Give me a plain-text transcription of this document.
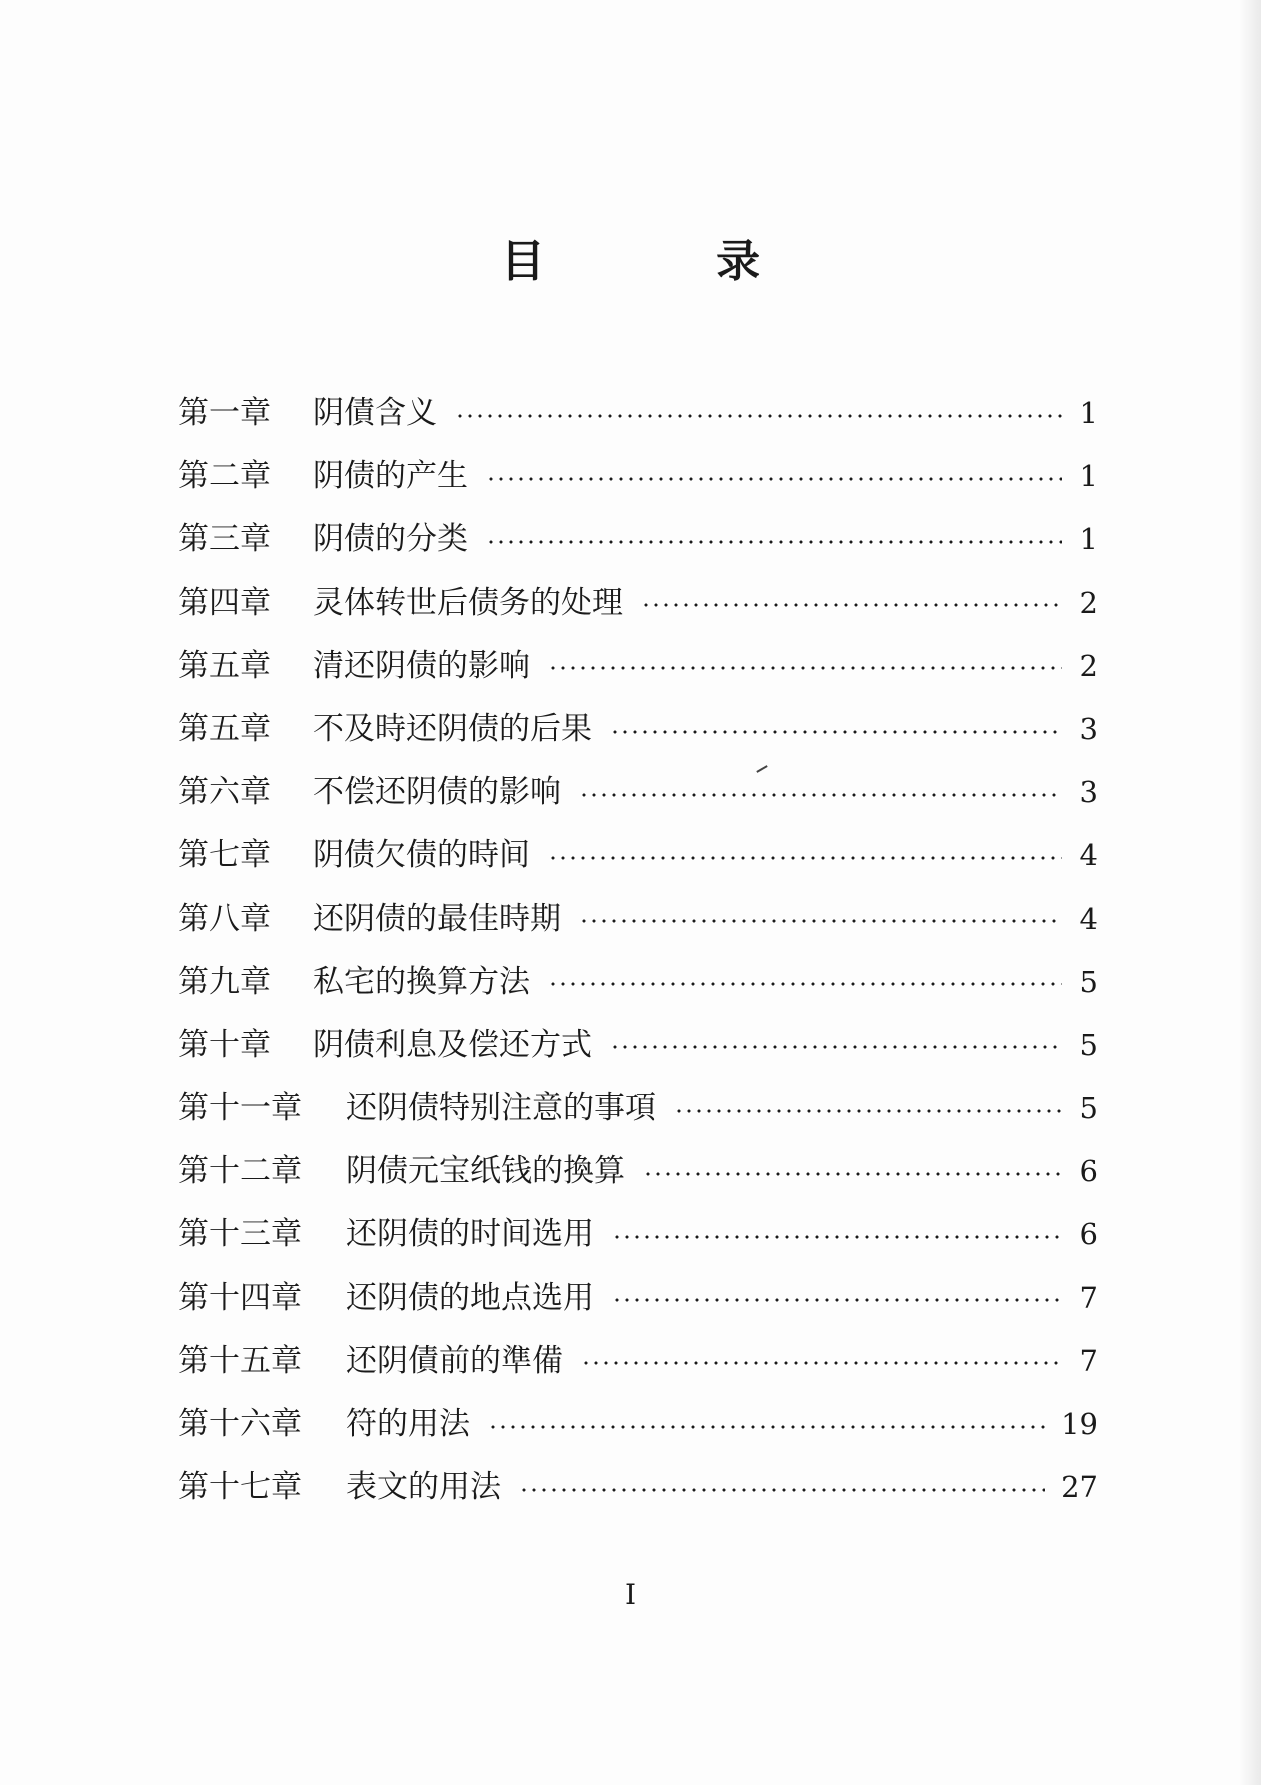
目 录
第一章	阴債含义	1
第二章	阴债的产生	1
第三章	阴债的分类	1
第四章	灵体转世后债务的处理	2
第五章	清还阴债的影响	2
第五章	不及時还阴债的后果	3
第六章	不偿还阴债的影响	3
第七章	阴债欠债的時间	4
第八章	还阴债的最佳時期	4
第九章	私宅的換算方法	5
第十章	阴债利息及偿还方式	5
第十一章	还阴债特别注意的事項	5
第十二章	阴债元宝纸钱的換算	6
第十三章	还阴债的时间选用	6
第十四章	还阴债的地点选用	7
第十五章	还阴債前的準備	7
第十六章	符的用法	19
第十七章	表文的用法	27
I
